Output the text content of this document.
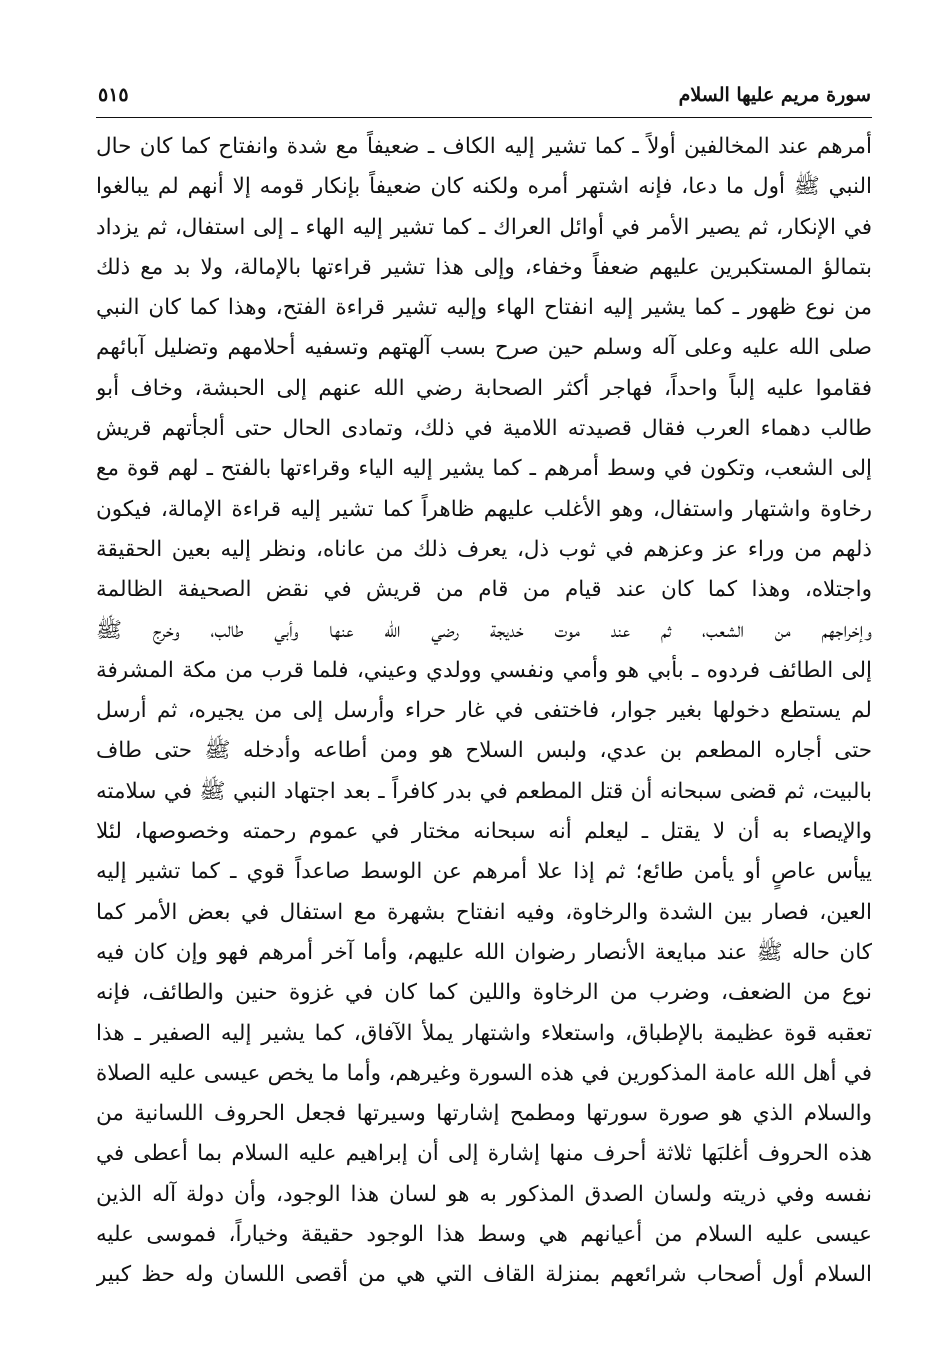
سورة مريم عليها السلام
٥١٥
أمرهم عند المخالفين أولاً ـ كما تشير إليه الكاف ـ ضعيفاً مع شدة وانفتاح كما كان حال
النبي ﷺ أول ما دعا، فإنه اشتهر أمره ولكنه كان ضعيفاً بإنكار قومه إلا أنهم لم يبالغوا
في الإنكار، ثم يصير الأمر في أوائل العراك ـ كما تشير إليه الهاء ـ إلى استفال، ثم يزداد
بتمالؤ المستكبرين عليهم ضعفاً وخفاء، وإلى هذا تشير قراءتها بالإمالة، ولا بد مع ذلك
من نوع ظهور ـ كما يشير إليه انفتاح الهاء وإليه تشير قراءة الفتح، وهذا كما كان النبي
صلى الله عليه وعلى آله وسلم حين صرح بسب آلهتهم وتسفيه أحلامهم وتضليل آبائهم
فقاموا عليه إلباً واحداً، فهاجر أكثر الصحابة رضي الله عنهم إلى الحبشة، وخاف أبو
طالب دهماء العرب فقال قصيدته اللامية في ذلك، وتمادى الحال حتى ألجأتهم قريش
إلى الشعب، وتكون في وسط أمرهم ـ كما يشير إليه الياء وقراءتها بالفتح ـ لهم قوة مع
رخاوة واشتهار واستفال، وهو الأغلب عليهم ظاهراً كما تشير إليه قراءة الإمالة، فيكون
ذلهم من وراء عز وعزهم في ثوب ذل، يعرف ذلك من عاناه، ونظر إليه بعين الحقيقة
واجتلاه، وهذا كما كان عند قيام من قام من قريش في نقض الصحيفة الظالمة
وإخراجهم من الشعب، ثم عند موت خديجة رضي الله عنها وأبي طالب، وخرج ﷺ
إلى الطائف فردوه ـ بأبي هو وأمي ونفسي وولدي وعيني، فلما قرب من مكة المشرفة
لم يستطع دخولها بغير جوار، فاختفى في غار حراء وأرسل إلى من يجيره، ثم أرسل
حتى أجاره المطعم بن عدي، ولبس السلاح هو ومن أطاعه وأدخله ﷺ حتى طاف
بالبيت، ثم قضى سبحانه أن قتل المطعم في بدر كافراً ـ بعد اجتهاد النبي ﷺ في سلامته
والإيصاء به أن لا يقتل ـ ليعلم أنه سبحانه مختار في عموم رحمته وخصوصها، لئلا
ييأس عاصٍ أو يأمن طائع؛ ثم إذا علا أمرهم عن الوسط صاعداً قوي ـ كما تشير إليه
العين، فصار بين الشدة والرخاوة، وفيه انفتاح بشهرة مع استفال في بعض الأمر كما
كان حاله ﷺ عند مبايعة الأنصار رضوان الله عليهم، وأما آخر أمرهم فهو وإن كان فيه
نوع من الضعف، وضرب من الرخاوة واللين كما كان في غزوة حنين والطائف، فإنه
تعقبه قوة عظيمة بالإطباق، واستعلاء واشتهار يملأ الآفاق، كما يشير إليه الصفير ـ هذا
في أهل الله عامة المذكورين في هذه السورة وغيرهم، وأما ما يخص عيسى عليه الصلاة
والسلام الذي هو صورة سورتها ومطمح إشارتها وسيرتها فجعل الحروف اللسانية من
هذه الحروف أغلبَها ثلاثة أحرف منها إشارة إلى أن إبراهيم عليه السلام بما أعطى في
نفسه وفي ذريته ولسان الصدق المذكور به هو لسان هذا الوجود، وأن دولة آله الذين
عيسى عليه السلام من أعيانهم هي وسط هذا الوجود حقيقة وخياراً، فموسى عليه
السلام أول أصحاب شرائعهم بمنزلة القاف التي هي من أقصى اللسان وله حظ كبير
